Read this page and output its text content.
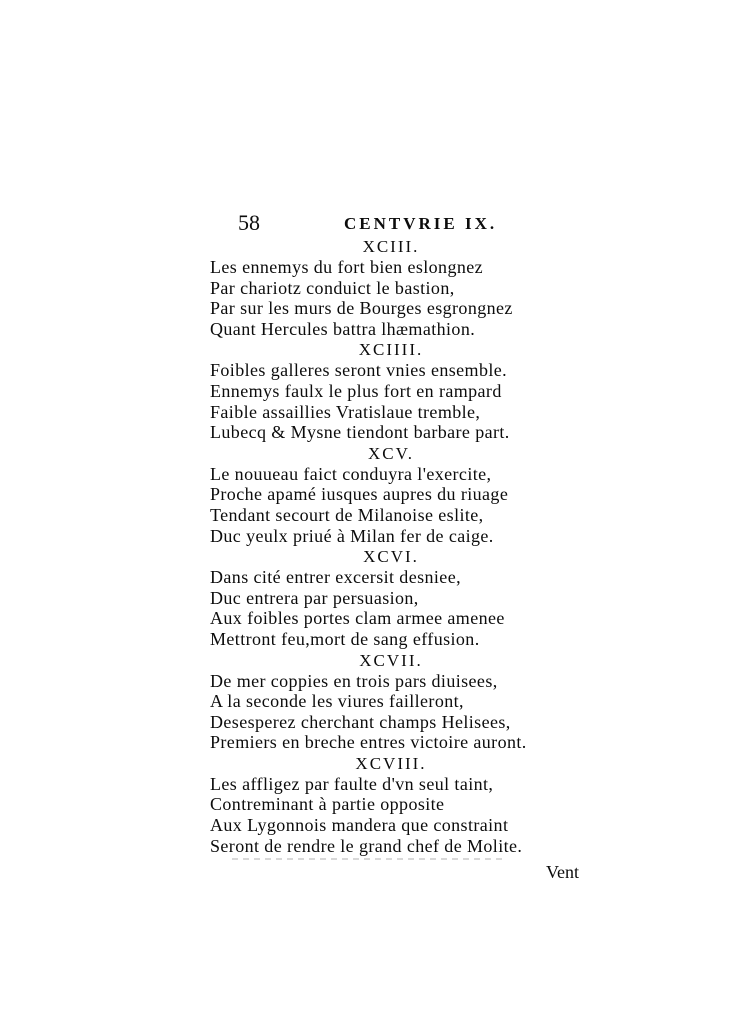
58	CENTVRIE IX.
XCIII.
Les ennemys du fort bien eslongnez
Par chariotz conduict le bastion,
Par sur les murs de Bourges esgrongnez
Quant Hercules battra lhæmathion.
XCIIII.
Foibles galleres seront vnies ensemble.
Ennemys faulx le plus fort en rampard
Faible assaillies Vratislaue tremble,
Lubecq & Mysne tiendont barbare part.
XCV.
Le nouueau faict conduyra l'exercite,
Proche apamé iusques aupres du riuage
Tendant secourt de Milanoise eslite,
Duc yeulx priué à Milan fer de caige.
XCVI.
Dans cité entrer excersit desniee,
Duc entrera par persuasion,
Aux foibles portes clam armee amenee
Mettront feu,mort de sang effusion.
XCVII.
De mer coppies en trois pars diuisees,
A la seconde les viures failleront,
Desesperez cherchant champs Helisees,
Premiers en breche entres victoire auront.
XCVIII.
Les affligez par faulte d'vn seul taint,
Contreminant à partie opposite
Aux Lygonnois mandera que constraint
Seront de rendre le grand chef de Molite.
Vent
